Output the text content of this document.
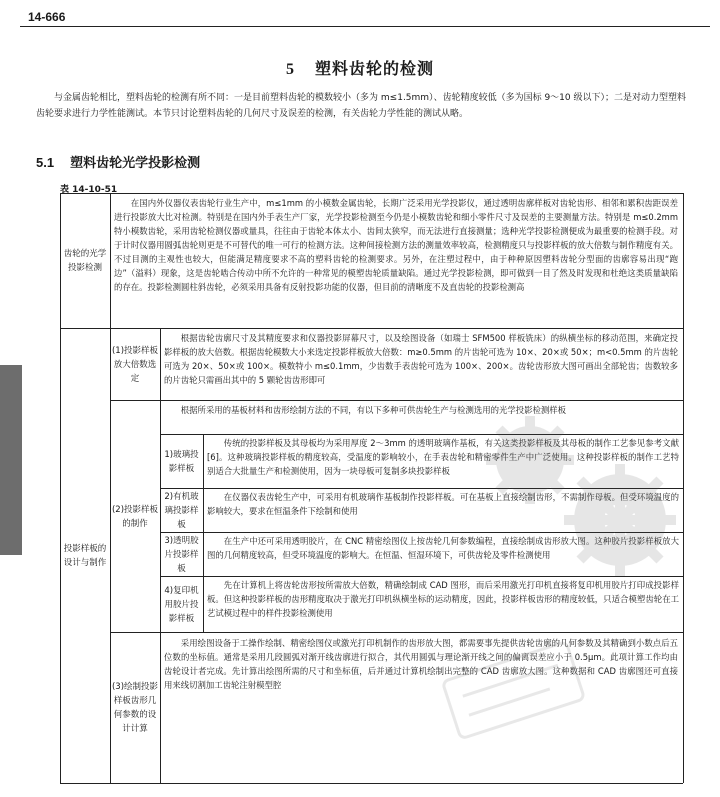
14-666
5 塑料齿轮的检测
与金属齿轮相比，塑料齿轮的检测有所不同：一是目前塑料齿轮的模数较小（多为 m≤1.5mm）、齿轮精度较低（多为国标 9～10 级以下）；二是对动力型塑料齿轮要求进行力学性能测试。本节只讨论塑料齿轮的几何尺寸及误差的检测，有关齿轮力学性能的测试从略。
5.1 塑料齿轮光学投影检测
表 14-10-51
齿轮的光学投影检测
在国内外仪器仪表齿轮行业生产中，m≤1mm 的小模数金属齿轮，长期广泛采用光学投影仪，通过透明齿廓样板对齿轮齿形、相邻和累积齿距误差进行投影放大比对检测。特别是在国内外手表生产厂家，光学投影检测至今仍是小模数齿轮和细小零件尺寸及误差的主要测量方法。特别是 m≤0.2mm 特小模数齿轮，采用齿轮检测仪器或量具，往往由于齿轮本体太小、齿间太狭窄，而无法进行直接测量；选种光学投影检测便成为最重要的检测手段。对于计时仪器用圆弧齿轮则更是不可替代的唯一可行的检测方法。这种间接检测方法的测量效率较高，检测精度只与投影样板的放大倍数与制作精度有关。不过目测的主观性也较大，但能满足精度要求不高的塑料齿轮的检测要求。另外，在注塑过程中，由于种种原因塑料齿轮分型面的齿廓容易出现“跑边”（溢料）现象，这是齿轮啮合传动中所不允许的一种常见的模塑齿轮质量缺陷。通过光学投影检测，即可做到一目了然及时发现和杜绝这类质量缺陷的存在。投影检测圆柱斜齿轮，必须采用具备有反射投影功能的仪器，但目前的清晰度不及直齿轮的投影检测高
投影样板的设计与制作
(1)投影样板放大倍数选定
根据齿轮齿廓尺寸及其精度要求和仪器投影屏幕尺寸，以及绘图设备（如瑞士 SFM500 样板铣床）的纵横坐标的移动范围，来确定投影样板的放大倍数。根据齿轮模数大小来选定投影样板放大倍数：m≥0.5mm 的片齿轮可选为 10×、20×或 50×；m<0.5mm 的片齿轮可选为 20×、50×或 100×。模数特小 m≤0.1mm，少齿数手表齿轮可选为 100×、200×。齿轮齿形放大图可画出全部轮齿；齿数较多的片齿轮只需画出其中的 5 颗轮齿齿形即可
(2)投影样板的制作
根据所采用的基板材料和齿形绘制方法的不同，有以下多种可供齿轮生产与检测选用的光学投影检测样板
1)玻璃投影样板
传统的投影样板及其母板均为采用厚度 2～3mm 的透明玻璃作基板，有关这类投影样板及其母板的制作工艺参见参考文献[6]。这种玻璃投影样板的精度较高，受温度的影响较小，在手表齿轮和精密零件生产中广泛使用。这种投影样板的制作工艺特别适合大批量生产和检测使用，因为一块母板可复制多块投影样板
2)有机玻璃投影样板
在仪器仪表齿轮生产中，可采用有机玻璃作基板制作投影样板。可在基板上直接绘制齿形，不需制作母板。但受环境温度的影响较大，要求在恒温条件下绘制和使用
3)透明胶片投影样板
在生产中还可采用透明胶片，在 CNC 精密绘图仪上按齿轮几何参数编程，直接绘制成齿形放大图。这种胶片投影样板放大图的几何精度较高，但受环境温度的影响大。在恒温、恒湿环境下，可供齿轮及零件检测使用
4)复印机用胶片投影样板
先在计算机上将齿轮齿形按所需放大倍数，精确绘制成 CAD 图形，而后采用激光打印机直接将复印机用胶片打印成投影样板。但这种投影样板的齿形精度取决于激光打印机纵横坐标的运动精度，因此，投影样板齿形的精度较低，只适合模塑齿轮在工艺试模过程中的样件投影检测使用
(3)绘制投影样板齿形几何参数的设计计算
采用绘图设备于工操作绘制、精密绘图仪或激光打印机制作的齿形放大图，都需要事先提供齿轮齿廓的几何参数及其精确到小数点后五位数的坐标值。通常是采用几段圆弧对渐开线齿廓进行拟合，其代用圆弧与理论渐开线之间的偏离误差应小于 0.5μm。此项计算工作均由齿轮设计者完成。先计算出绘图所需的尺寸和坐标值，后并通过计算机绘制出完整的 CAD 齿廓放大图。这种数据和 CAD 齿廓图还可直接用来线切割加工齿轮注射模型腔
